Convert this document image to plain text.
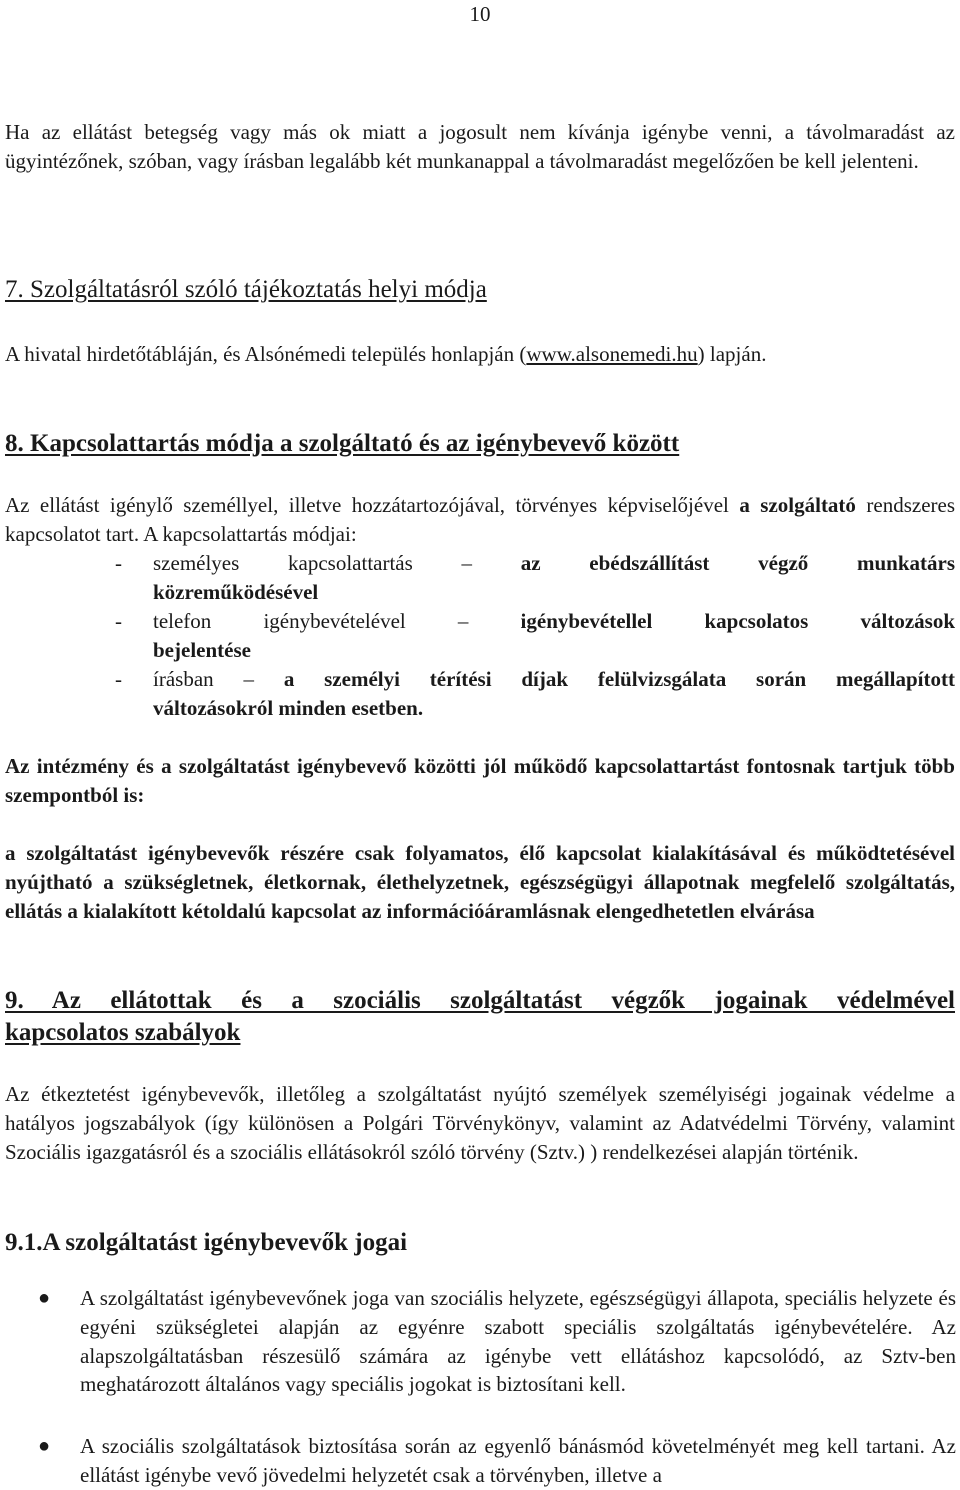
10

Ha az ellátást betegség vagy más ok miatt a jogosult nem kívánja igénybe venni, a távolmaradást az ügyintézőnek, szóban, vagy írásban legalább két munkanappal a távolmaradást megelőzően be kell jelenteni.

7. Szolgáltatásról szóló tájékoztatás helyi módja

A hivatal hirdetőtábláján, és Alsónémedi település honlapján (www.alsonemedi.hu) lapján.

8. Kapcsolattartás módja a szolgáltató és az igénybevevő között

Az ellátást igénylő személlyel, illetve hozzátartozójával, törvényes képviselőjével a szolgáltató rendszeres kapcsolatot tart. A kapcsolattartás módjai:

- személyes kapcsolattartás – az ebédszállítást végző munkatárs
közreműködésével
- telefon igénybevételével – igénybevétellel kapcsolatos változások
bejelentése
- írásban – a személyi térítési díjak felülvizsgálata során megállapított
változásokról minden esetben.

Az intézmény és a szolgáltatást igénybevevő közötti jól működő kapcsolattartást fontosnak tartjuk több szempontból is:

a szolgáltatást igénybevevők részére csak folyamatos, élő kapcsolat kialakításával és működtetésével nyújtható a szükségletnek, életkornak, élethelyzetnek, egészségügyi állapotnak megfelelő szolgáltatás, ellátás a kialakított kétoldalú kapcsolat az információáramlásnak elengedhetetlen elvárása

9. Az ellátottak és a szociális szolgáltatást végzők jogainak védelmével
kapcsolatos szabályok

Az étkeztetést igénybevevők, illetőleg a szolgáltatást nyújtó személyek személyiségi jogainak védelme a hatályos jogszabályok (így különösen a Polgári Törvénykönyv, valamint az Adatvédelmi Törvény, valamint Szociális igazgatásról és a szociális ellátásokról szóló törvény (Sztv.) ) rendelkezései alapján történik.

9.1.A szolgáltatást igénybevevők jogai
● A szolgáltatást igénybevevőnek joga van szociális helyzete, egészségügyi állapota, speciális helyzete és egyéni szükségletei alapján az egyénre szabott speciális szolgáltatás igénybevételére. Az alapszolgáltatásban részesülő számára az igénybe vett ellátáshoz kapcsolódó, az Sztv-ben meghatározott általános vagy speciális jogokat is biztosítani kell.

● A szociális szolgáltatások biztosítása során az egyenlő bánásmód követelményét meg kell tartani. Az ellátást igénybe vevő jövedelmi helyzetét csak a törvényben, illetve a
